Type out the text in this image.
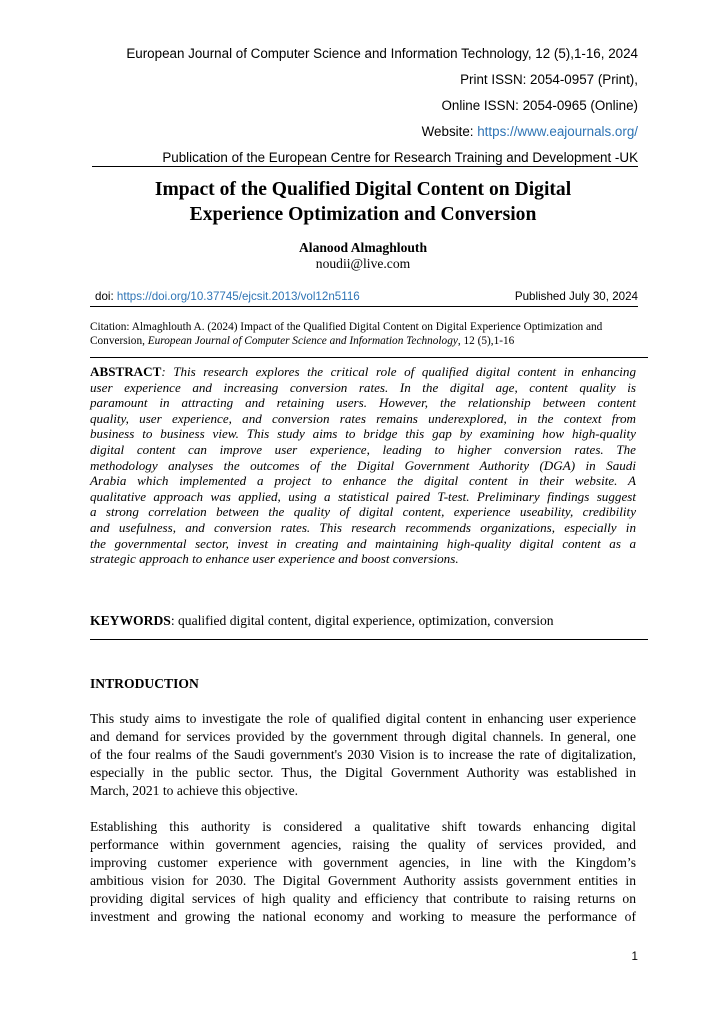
European Journal of Computer Science and Information Technology, 12 (5),1-16, 2024
Print ISSN: 2054-0957 (Print),
Online ISSN: 2054-0965 (Online)
Website: https://www.eajournals.org/
Publication of the European Centre for Research Training and Development -UK
Impact of the Qualified Digital Content on Digital
Experience Optimization and Conversion
Alanood Almaghlouth
noudii@live.com
doi: https://doi.org/10.37745/ejcsit.2013/vol12n5116	Published July 30, 2024
Citation: Almaghlouth A. (2024) Impact of the Qualified Digital Content on Digital Experience Optimization and
Conversion, European Journal of Computer Science and Information Technology, 12 (5),1-16
ABSTRACT: This research explores the critical role of qualified digital content in enhancing
user experience and increasing conversion rates. In the digital age, content quality is
paramount in attracting and retaining users. However, the relationship between content
quality, user experience, and conversion rates remains underexplored, in the context from
business to business view. This study aims to bridge this gap by examining how high-quality
digital content can improve user experience, leading to higher conversion rates. The
methodology analyses the outcomes of the Digital Government Authority (DGA) in Saudi
Arabia which implemented a project to enhance the digital content in their website. A
qualitative approach was applied, using a statistical paired T-test. Preliminary findings suggest
a strong correlation between the quality of digital content, experience useability, credibility
and usefulness, and conversion rates. This research recommends organizations, especially in
the governmental sector, invest in creating and maintaining high-quality digital content as a
strategic approach to enhance user experience and boost conversions.
KEYWORDS: qualified digital content, digital experience, optimization, conversion
INTRODUCTION
This study aims to investigate the role of qualified digital content in enhancing user experience
and demand for services provided by the government through digital channels. In general, one
of the four realms of the Saudi government's 2030 Vision is to increase the rate of digitalization,
especially in the public sector. Thus, the Digital Government Authority was established in
March, 2021 to achieve this objective.
Establishing this authority is considered a qualitative shift towards enhancing digital
performance within government agencies, raising the quality of services provided, and
improving customer experience with government agencies, in line with the Kingdom’s
ambitious vision for 2030. The Digital Government Authority assists government entities in
providing digital services of high quality and efficiency that contribute to raising returns on
investment and growing the national economy and working to measure the performance of
1
